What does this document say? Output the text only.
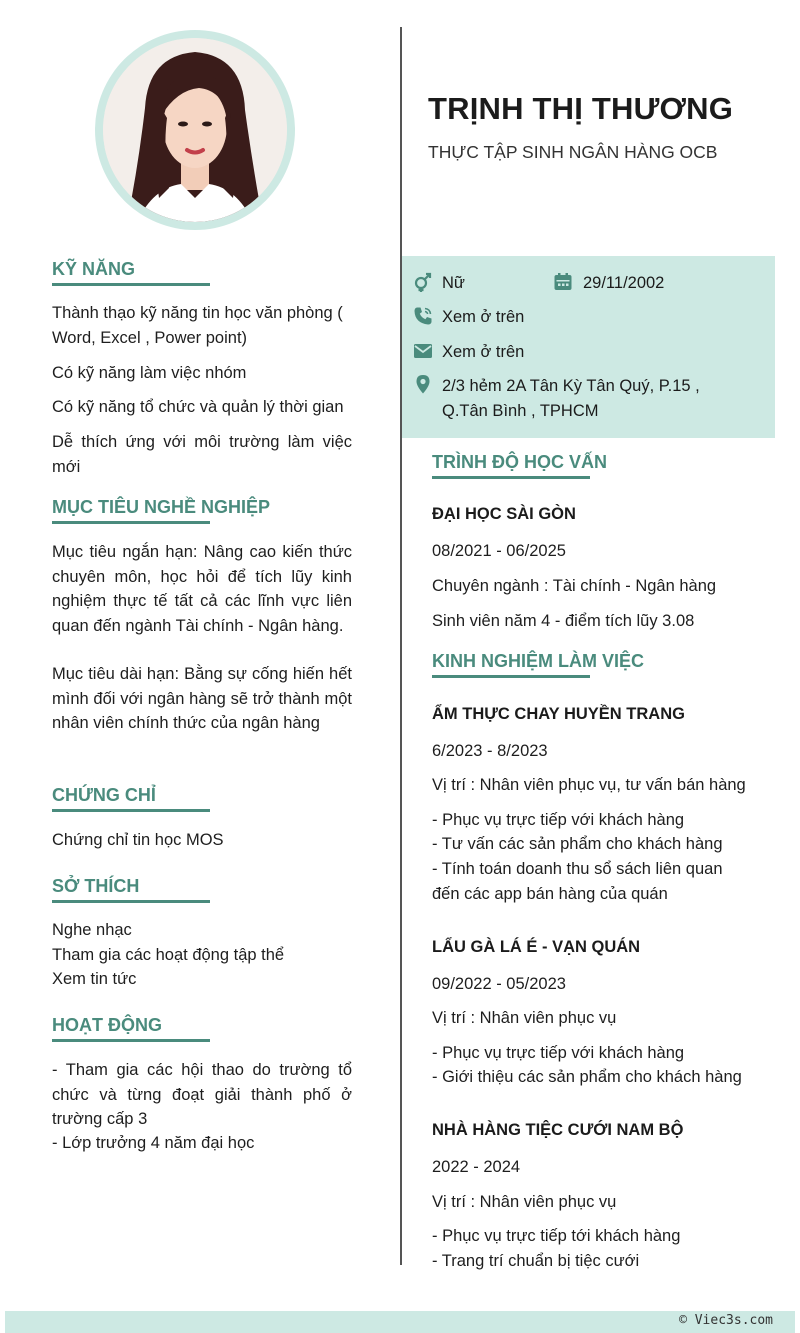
TRỊNH THỊ THƯƠNG

THỰC TẬP SINH NGÂN HÀNG OCB

Nữ	29/11/2002
Xem ở trên
Xem ở trên
2/3 hẻm 2A Tân Kỳ Tân Quý, P.15 ,
Q.Tân Bình , TPHCM
KỸ NĂNG

Thành thạo kỹ năng tin học văn phòng ( Word, Excel , Power point)

Có kỹ năng làm việc nhóm

Có kỹ năng tổ chức và quản lý thời gian

Dễ thích ứng với môi trường làm việc mới

MỤC TIÊU NGHỀ NGHIỆP

Mục tiêu ngắn hạn: Nâng cao kiến thức chuyên môn, học hỏi để tích lũy kinh nghiệm thực tế tất cả các lĩnh vực liên quan đến ngành Tài chính - Ngân hàng.

Mục tiêu dài hạn: Bằng sự cống hiến hết mình đối với ngân hàng sẽ trở thành một nhân viên chính thức của ngân hàng

CHỨNG CHỈ

Chứng chỉ tin học MOS

SỞ THÍCH

Nghe nhạc

Tham gia các hoạt động tập thể

Xem tin tức

HOẠT ĐỘNG

- Tham gia các hội thao do trường tổ chức và từng đoạt giải thành phố ở trường cấp 3

- Lớp trưởng 4 năm đại học

TRÌNH ĐỘ HỌC VẤN

ĐẠI HỌC SÀI GÒN

08/2021 - 06/2025

Chuyên ngành : Tài chính - Ngân hàng

Sinh viên năm 4 - điểm tích lũy 3.08

KINH NGHIỆM LÀM VIỆC

ẨM THỰC CHAY HUYỀN TRANG

6/2023 - 8/2023

Vị trí : Nhân viên phục vụ, tư vấn bán hàng

- Phục vụ trực tiếp với khách hàng

- Tư vấn các sản phẩm cho khách hàng

- Tính toán doanh thu sổ sách liên quan đến các app bán hàng của quán

LẨU GÀ LÁ É - VẠN QUÁN

09/2022 - 05/2023

Vị trí : Nhân viên phục vụ

- Phục vụ trực tiếp với khách hàng

- Giới thiệu các sản phẩm cho khách hàng

NHÀ HÀNG TIỆC CƯỚI NAM BỘ

2022 - 2024

Vị trí : Nhân viên phục vụ

- Phục vụ trực tiếp tới khách hàng

- Trang trí chuẩn bị tiệc cưới

© Viec3s.com
